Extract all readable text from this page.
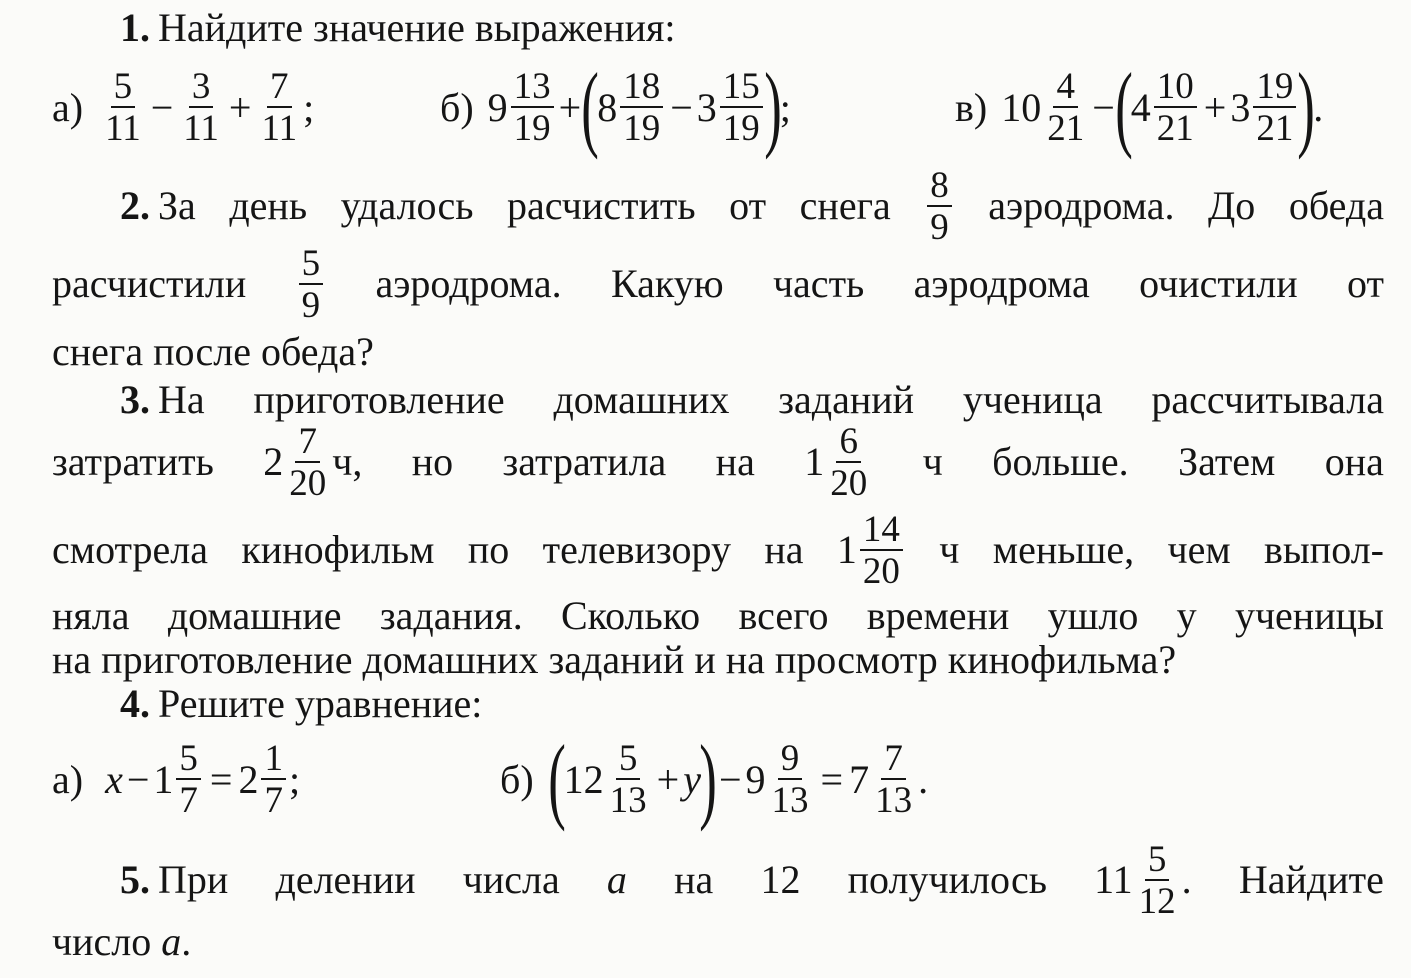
1. Найдите значение выражения:
$а) \frac{5}{11} - \frac{3}{11} + \frac{7}{11}$ ;	б) $9 \frac{13}{19}$ + (
$8 \frac{18}{19} - 3 \frac{15}{19}$ )
;	в) $10 \frac{4}{21}$ − (
$4 \frac{10}{21} + 3 \frac{19}{21}$ )
.
2. За день удалось расчистить от снега $\frac{8}{9}$ аэродрома. До обеда
расчистили $\frac{5}{9}$ аэродрома. Какую часть аэродрома очистили от
снега после обеда?
3. На приготовление домашних заданий ученица рассчитывала
затратить $2 \frac{7}{20} ч$, но затратила на $1 \frac{6}{20}$ ч больше. Затем она
смотрела кинофильм по телевизору на $1 \frac{14}{20}$ ч меньше, чем выпол-
няла домашние задания. Сколько всего времени ушло у ученицы
на приготовление домашних заданий и на просмотр кинофильма?
4. Решите уравнение:
а) $x - 1 \frac{5}{7} = 2 \frac{1}{7}$ ;	б) (
$12 \frac{5}{13} + y$
) − $9 \frac{9}{13} = 7 \frac{7}{13}$ .
5. При делении числа a на 12 получилось $11 \frac{5}{12}$ . Найдите
число a.
